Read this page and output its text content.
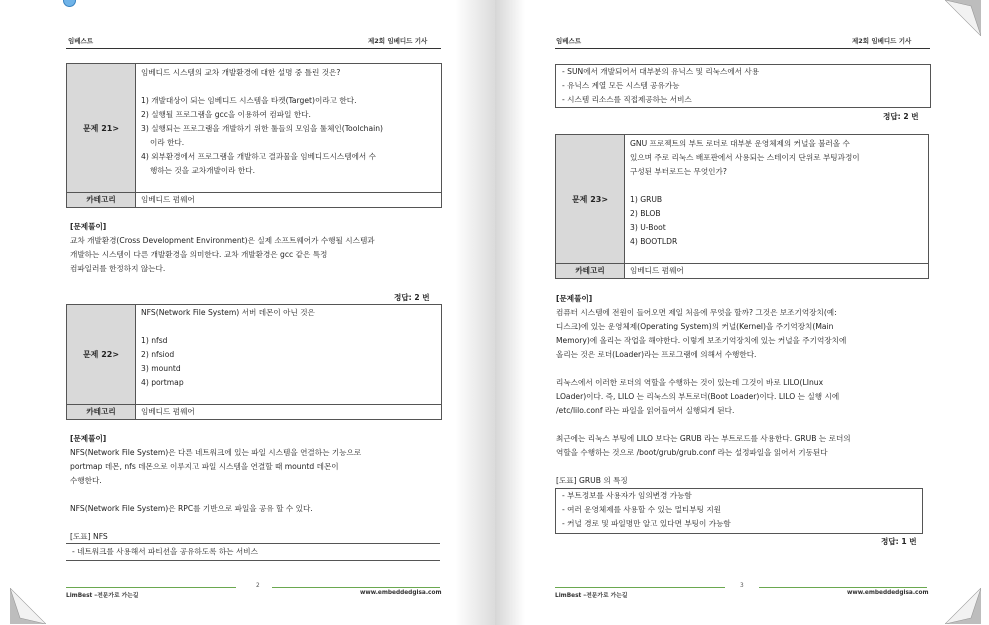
임베스트	제2회 임베디드 기사
문제 21>
임베디드 시스템의 교차 개발환경에 대한 설명 중 틀린 것은?
1) 개발대상이 되는 임베디드 시스템을 타켓(Target)이라고 한다.
2) 실행될 프로그램을 gcc을 이용하여 컴파일 한다.
3) 실행되는 프로그램을 개발하기 위한 툴들의 모임을 툴체인(Toolchain)
이라 한다.
4) 외부환경에서 프로그램을 개발하고 결과물을 임베디드시스템에서 수
행하는 것을 교차개발이라 한다.
카테고리	임베디드 펌웨어
[문제풀이]
교차 개발환경(Cross Development Environment)은 실제 소프트웨어가 수행될 시스템과
개발하는 시스템이 다른 개발환경을 의미한다. 교차 개발환경은 gcc 같은 특정
컴파일러를 한정하지 않는다.
정답: 2 번
문제 22>
NFS(Network File System) 서버 데몬이 아닌 것은
1) nfsd
2) nfsiod
3) mountd
4) portmap
카테고리	임베디드 펌웨어
[문제풀이]
NFS(Network File System)은 다른 네트워크에 있는 파일 시스템을 연결하는 기능으로
portmap 데몬, nfs 데몬으로 이루지고 파일 시스템을 연결할 때 mountd 데몬이
수행한다.
NFS(Network File System)은 RPC를 기반으로 파일을 공유 할 수 있다.
[도표] NFS
- 네트워크를 사용해서 파티션을 공유하도록 하는 서비스
2
LimBest –전문가로 가는길	www.embeddedgisa.com
임베스트	제2회 임베디드 기사
- SUN에서 개발되어서 대부분의 유닉스 및 리눅스에서 사용
- 유닉스 계열 모든 시스템 공유가능
- 시스템 리소스를 직접제공하는 서비스
정답: 2 번
문제 23>
GNU 프로젝트의 부트 로더로 대부분 운영체제의 커널을 불러올 수
있으며 주로 리눅스 배포판에서 사용되는 스테이지 단위로 부팅과정이
구성된 부터로드는 무엇인가?
1) GRUB
2) BLOB
3) U-Boot
4) BOOTLDR
카테고리	임베디드 펌웨어
[문제풀이]
컴퓨터 시스템에 전원이 들어오면 제일 처음에 무엇을 할까? 그것은 보조기억장치(예:
디스크)에 있는 운영체제(Operating System)의 커널(Kernel)을 주기억장치(Main
Memory)에 올리는 작업을 해야한다. 이렇게 보조기억장치에 있는 커널을 주기억장치에
올리는 것은 로더(Loader)라는 프로그램에 의해서 수행한다.
리눅스에서 이러한 로더의 역할을 수행하는 것이 있는데 그것이 바로 LILO(LInux
LOader)이다. 즉, LILO 는 리눅스의 부트로더(Boot Loader)이다. LILO 는 실행 시에
/etc/lilo.conf 라는 파일을 읽어들여서 실행되게 된다.
최근에는 리눅스 부팅에 LILO 보다는 GRUB 라는 부트로드를 사용한다. GRUB 는 로더의
역할을 수행하는 것으로 /boot/grub/grub.conf 라는 설정파일을 읽어서 기동된다
[도표] GRUB 의 특징
- 부트정보를 사용자가 임의변경 가능함
- 여러 운영체제를 사용할 수 있는 멀티부팅 지원
- 커널 경로 및 파일명만 알고 있다면 부팅이 가능함
정답: 1 번
3
LimBest –전문가로 가는길	www.embeddedgisa.com
